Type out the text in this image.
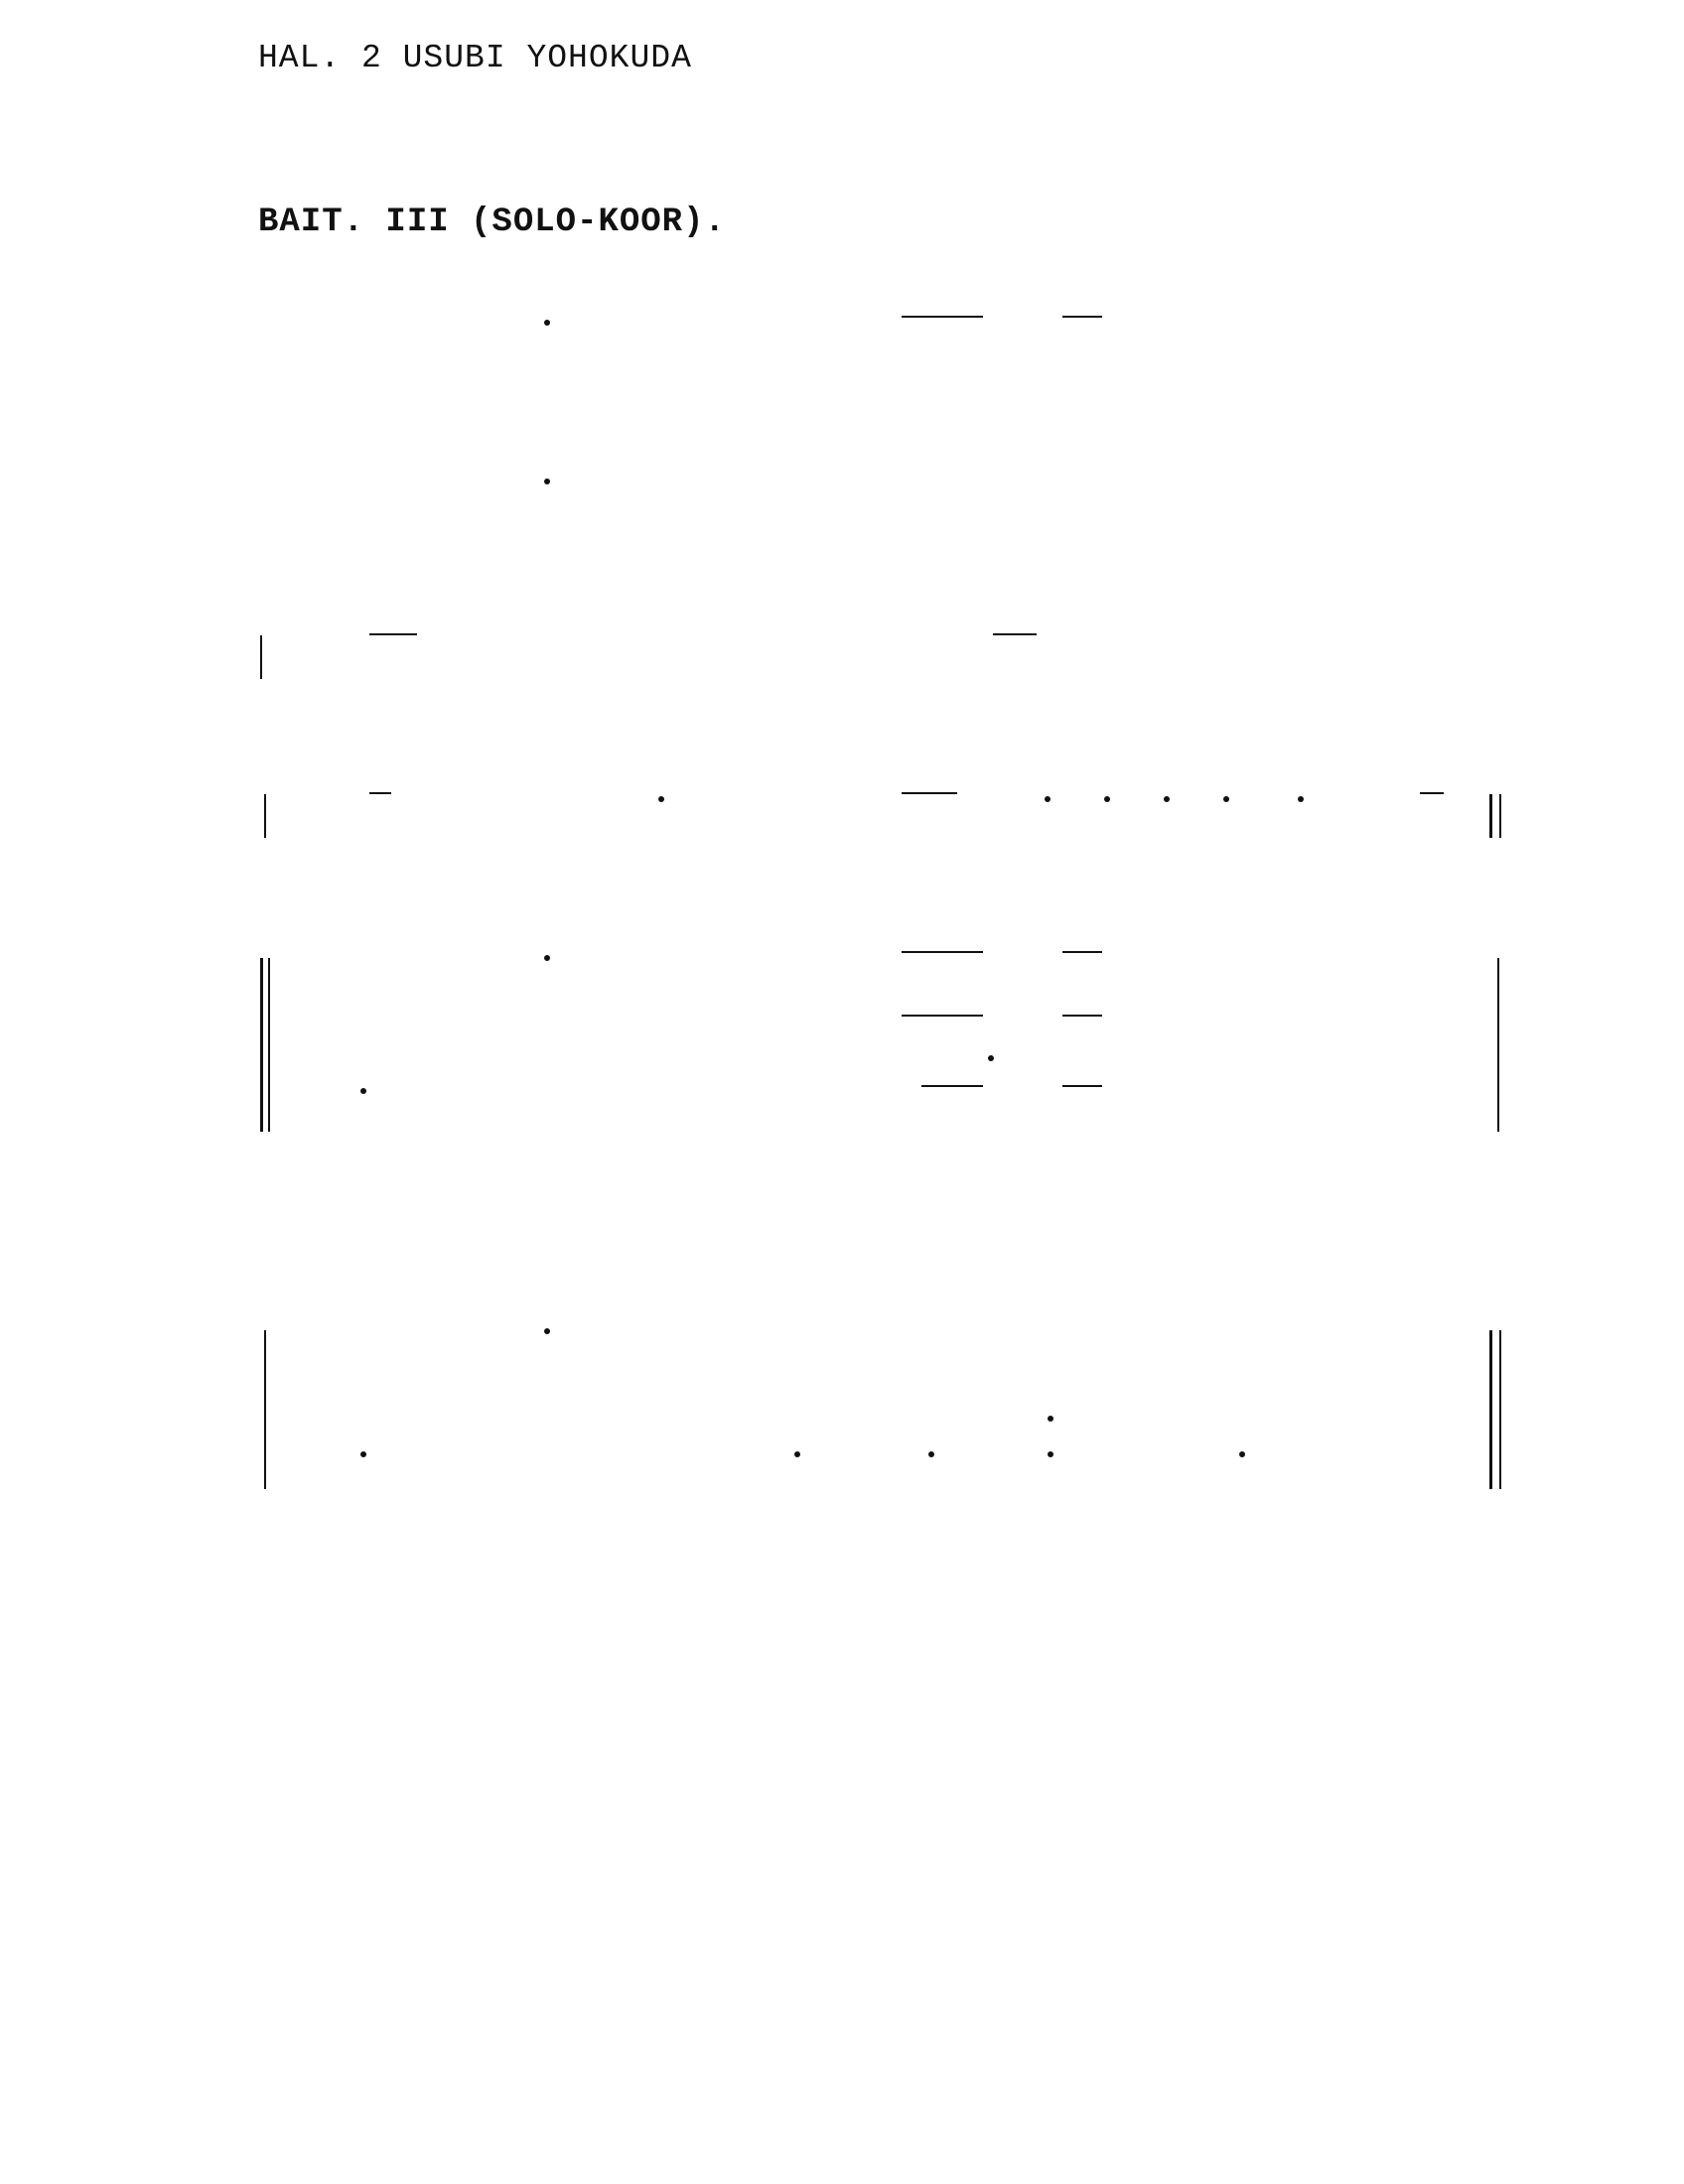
HAL. 2 USUBI YOHOKUDA
BAIT. III (SOLO-KOOR).
